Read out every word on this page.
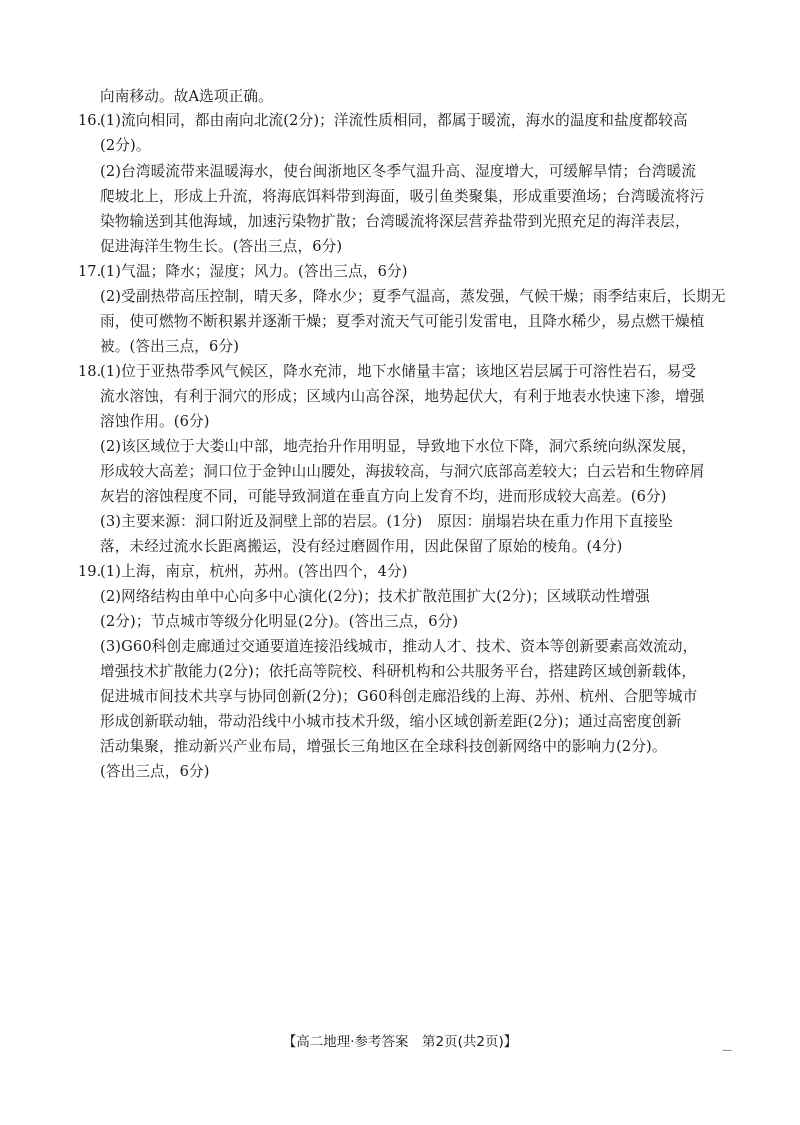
向南移动。故A选项正确。
16.
(1)流向相同，都由南向北流(2分)；洋流性质相同，都属于暖流，海水的温度和盐度都较高
(2分)。
(2)台湾暖流带来温暖海水，使台闽浙地区冬季气温升高、湿度增大，可缓解旱情；台湾暖流
爬坡北上，形成上升流，将海底饵料带到海面，吸引鱼类聚集，形成重要渔场；台湾暖流将污
染物输送到其他海域，加速污染物扩散；台湾暖流将深层营养盐带到光照充足的海洋表层，
促进海洋生物生长。(答出三点，6分)
17.
(1)气温；降水；湿度；风力。(答出三点，6分)
(2)受副热带高压控制，晴天多，降水少；夏季气温高，蒸发强，气候干燥；雨季结束后，长期无
雨，使可燃物不断积累并逐渐干燥；夏季对流天气可能引发雷电，且降水稀少，易点燃干燥植
被。(答出三点，6分)
18.
(1)位于亚热带季风气候区，降水充沛，地下水储量丰富；该地区岩层属于可溶性岩石，易受
流水溶蚀，有利于洞穴的形成；区域内山高谷深，地势起伏大，有利于地表水快速下渗，增强
溶蚀作用。(6分)
(2)该区域位于大娄山中部，地壳抬升作用明显，导致地下水位下降，洞穴系统向纵深发展，
形成较大高差；洞口位于金钟山山腰处，海拔较高，与洞穴底部高差较大；白云岩和生物碎屑
灰岩的溶蚀程度不同，可能导致洞道在垂直方向上发育不均，进而形成较大高差。(6分)
(3)主要来源：洞口附近及洞壁上部的岩层。(1分)　原因：崩塌岩块在重力作用下直接坠
落，未经过流水长距离搬运，没有经过磨圆作用，因此保留了原始的棱角。(4分)
19.
(1)上海，南京，杭州，苏州。(答出四个，4分)
(2)网络结构由单中心向多中心演化(2分)；技术扩散范围扩大(2分)；区域联动性增强
(2分)；节点城市等级分化明显(2分)。(答出三点，6分)
(3)G60科创走廊通过交通要道连接沿线城市，推动人才、技术、资本等创新要素高效流动，
增强技术扩散能力(2分)；依托高等院校、科研机构和公共服务平台，搭建跨区域创新载体，
促进城市间技术共享与协同创新(2分)；G60科创走廊沿线的上海、苏州、杭州、合肥等城市
形成创新联动轴，带动沿线中小城市技术升级，缩小区域创新差距(2分)；通过高密度创新
活动集聚，推动新兴产业布局，增强长三角地区在全球科技创新网络中的影响力(2分)。
(答出三点，6分)
【高二地理·参考答案　第2页(共2页)】
—
